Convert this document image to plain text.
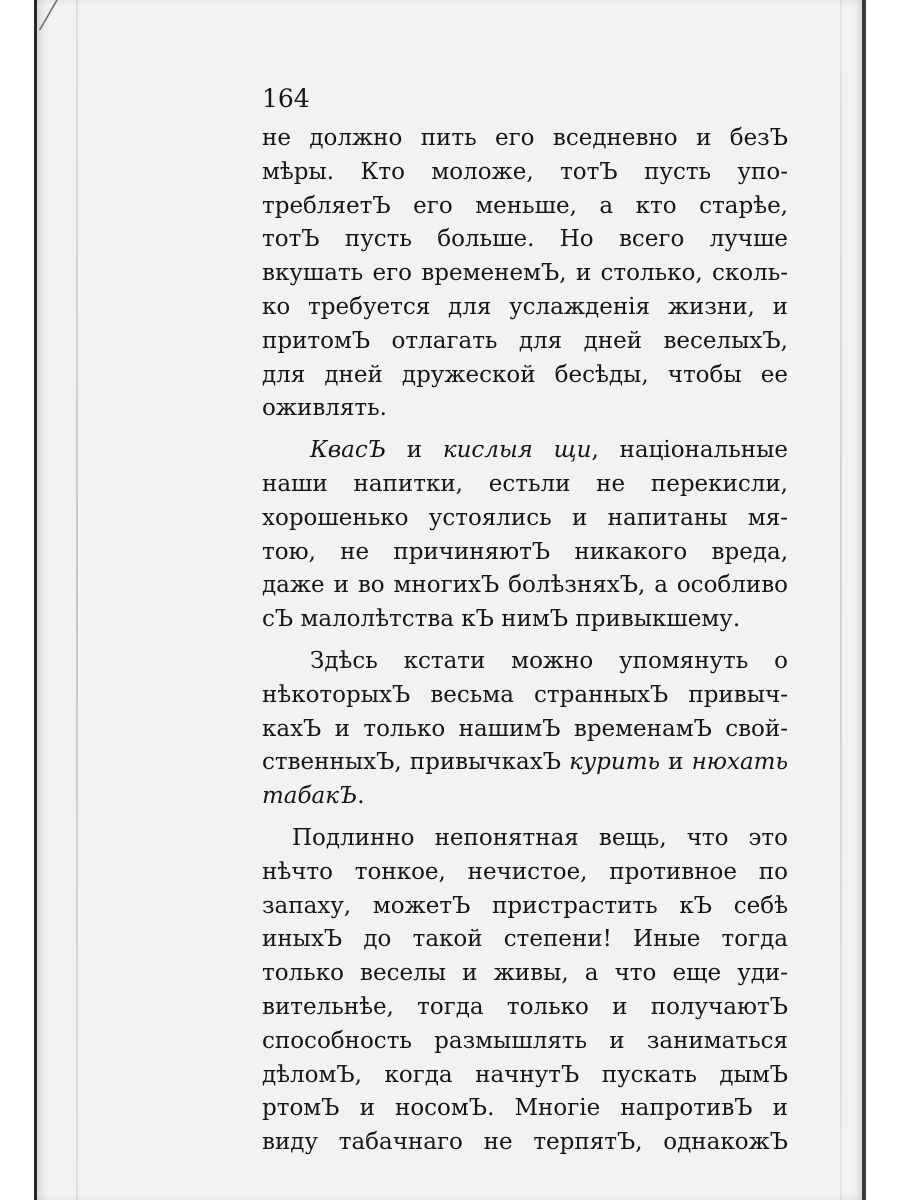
164
не должно пить его вседневно и безЪ
мѣры. Кто моложе, тотЪ пусть упо-
требляетЪ его меньше, а кто старѣе,
тотЪ пусть больше. Но всего лучше
вкушать его временемЪ, и столько, сколь-
ко требуется для услажденія жизни, и
притомЪ отлагать для дней веселыхЪ,
для дней дружеской бесѣды, чтобы ее
оживлять.
КвасЪ и кислыя щи, національные
наши напитки, естьли не перекисли,
хорошенько устоялись и напитаны мя-
тою, не причиняютЪ никакого вреда,
даже и во многихЪ болѣзняхЪ, а особливо
сЪ малолѣтства кЪ нимЪ привыкшему.
Здѣсь кстати можно упомянуть о
нѣкоторыхЪ весьма странныхЪ привыч-
кахЪ и только нашимЪ временамЪ свой-
ственныхЪ, привычкахЪ курить и нюхать
табакЪ.
Подлинно непонятная вещь, что это
нѣчто тонкое, нечистое, противное по
запаху, можетЪ пристрастить кЪ себѣ
иныхЪ до такой степени! Иные тогда
только веселы и живы, а что еще уди-
вительнѣе, тогда только и получаютЪ
способность размышлять и заниматься
дѣломЪ, когда начнутЪ пускать дымЪ
ртомЪ и носомЪ. Многіе напротивЪ и
виду табачнаго не терпятЪ, однакожЪ
